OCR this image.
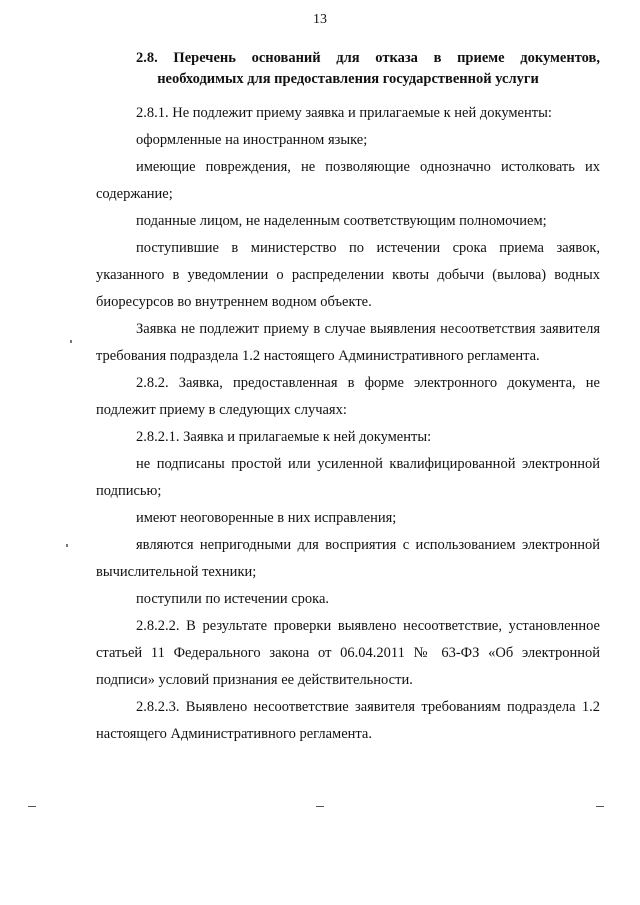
13
2.8. Перечень оснований для отказа в приеме документов, необходимых для предоставления государственной услуги

2.8.1. Не подлежит приему заявка и прилагаемые к ней документы:

оформленные на иностранном языке;

имеющие повреждения, не позволяющие однозначно истолковать их содержание;

поданные лицом, не наделенным соответствующим полномочием;

поступившие в министерство по истечении срока приема заявок, указанного в уведомлении о распределении квоты добычи (вылова) водных биоресурсов во внутреннем водном объекте.

Заявка не подлежит приему в случае выявления несоответствия заявителя требования подраздела 1.2 настоящего Административного регламента.

2.8.2. Заявка, предоставленная в форме электронного документа, не подлежит приему в следующих случаях:

2.8.2.1. Заявка и прилагаемые к ней документы:

не подписаны простой или усиленной квалифицированной электронной подписью;

имеют неоговоренные в них исправления;

являются непригодными для восприятия с использованием электронной вычислительной техники;

поступили по истечении срока.

2.8.2.2. В результате проверки выявлено несоответствие, установленное статьей 11 Федерального закона от 06.04.2011 № 63-ФЗ «Об электронной подписи» условий признания ее действительности.

2.8.2.3. Выявлено несоответствие заявителя требованиям подраздела 1.2 настоящего Административного регламента.
